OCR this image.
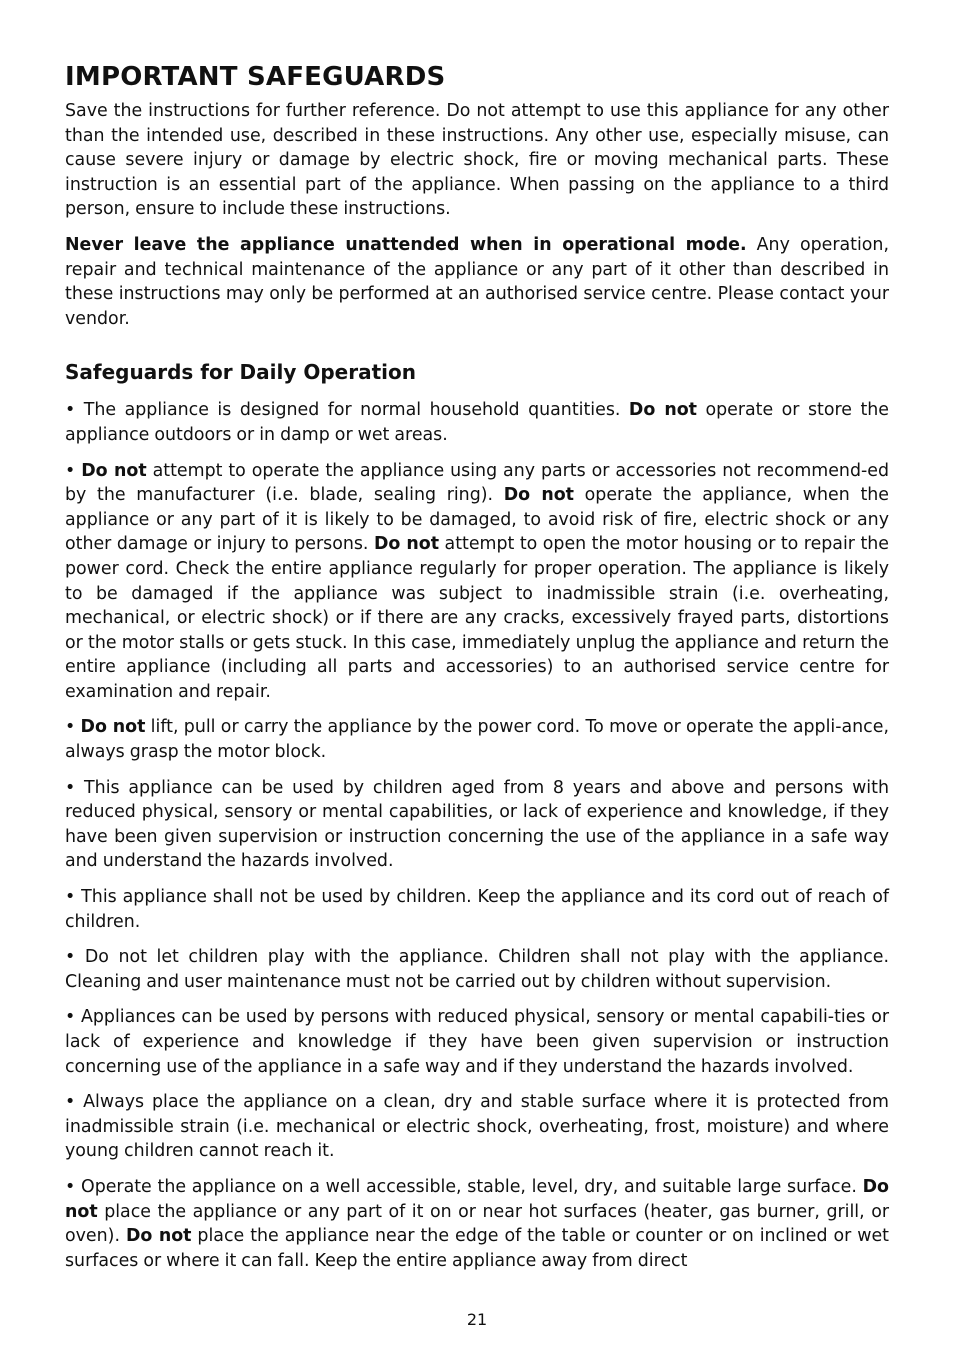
IMPORTANT SAFEGUARDS

Save the instructions for further reference. Do not attempt to use this appliance for any other than the intended use, described in these instructions. Any other use, especially misuse, can cause severe injury or damage by electric shock, fire or moving mechanical parts. These instruction is an essential part of the appliance. When passing on the appliance to a third person, ensure to include these instructions.

Never leave the appliance unattended when in operational mode. Any operation, repair and technical maintenance of the appliance or any part of it other than described in these instructions may only be performed at an authorised service centre. Please contact your vendor.

Safeguards for Daily Operation

• The appliance is designed for normal household quantities. Do not operate or store the appliance outdoors or in damp or wet areas.

• Do not attempt to operate the appliance using any parts or accessories not recommend-ed by the manufacturer (i.e. blade, sealing ring). Do not operate the appliance, when the appliance or any part of it is likely to be damaged, to avoid risk of fire, electric shock or any other damage or injury to persons. Do not attempt to open the motor housing or to repair the power cord. Check the entire appliance regularly for proper operation. The appliance is likely to be damaged if the appliance was subject to inadmissible strain (i.e. overheating, mechanical, or electric shock) or if there are any cracks, excessively frayed parts, distortions or the motor stalls or gets stuck. In this case, immediately unplug the appliance and return the entire appliance (including all parts and accessories) to an authorised service centre for examination and repair.

• Do not lift, pull or carry the appliance by the power cord. To move or operate the appli-ance, always grasp the motor block.

• This appliance can be used by children aged from 8 years and above and persons with reduced physical, sensory or mental capabilities, or lack of experience and knowledge, if they have been given supervision or instruction concerning the use of the appliance in a safe way and understand the hazards involved.

• This appliance shall not be used by children. Keep the appliance and its cord out of reach of children.

• Do not let children play with the appliance. Children shall not play with the appliance. Cleaning and user maintenance must not be carried out by children without supervision.

• Appliances can be used by persons with reduced physical, sensory or mental capabili-ties or lack of experience and knowledge if they have been given supervision or instruction concerning use of the appliance in a safe way and if they understand the hazards involved.

• Always place the appliance on a clean, dry and stable surface where it is protected from inadmissible strain (i.e. mechanical or electric shock, overheating, frost, moisture) and where young children cannot reach it.

• Operate the appliance on a well accessible, stable, level, dry, and suitable large surface. Do not place the appliance or any part of it on or near hot surfaces (heater, gas burner, grill, or oven). Do not place the appliance near the edge of the table or counter or on inclined or wet surfaces or where it can fall. Keep the entire appliance away from direct

21
